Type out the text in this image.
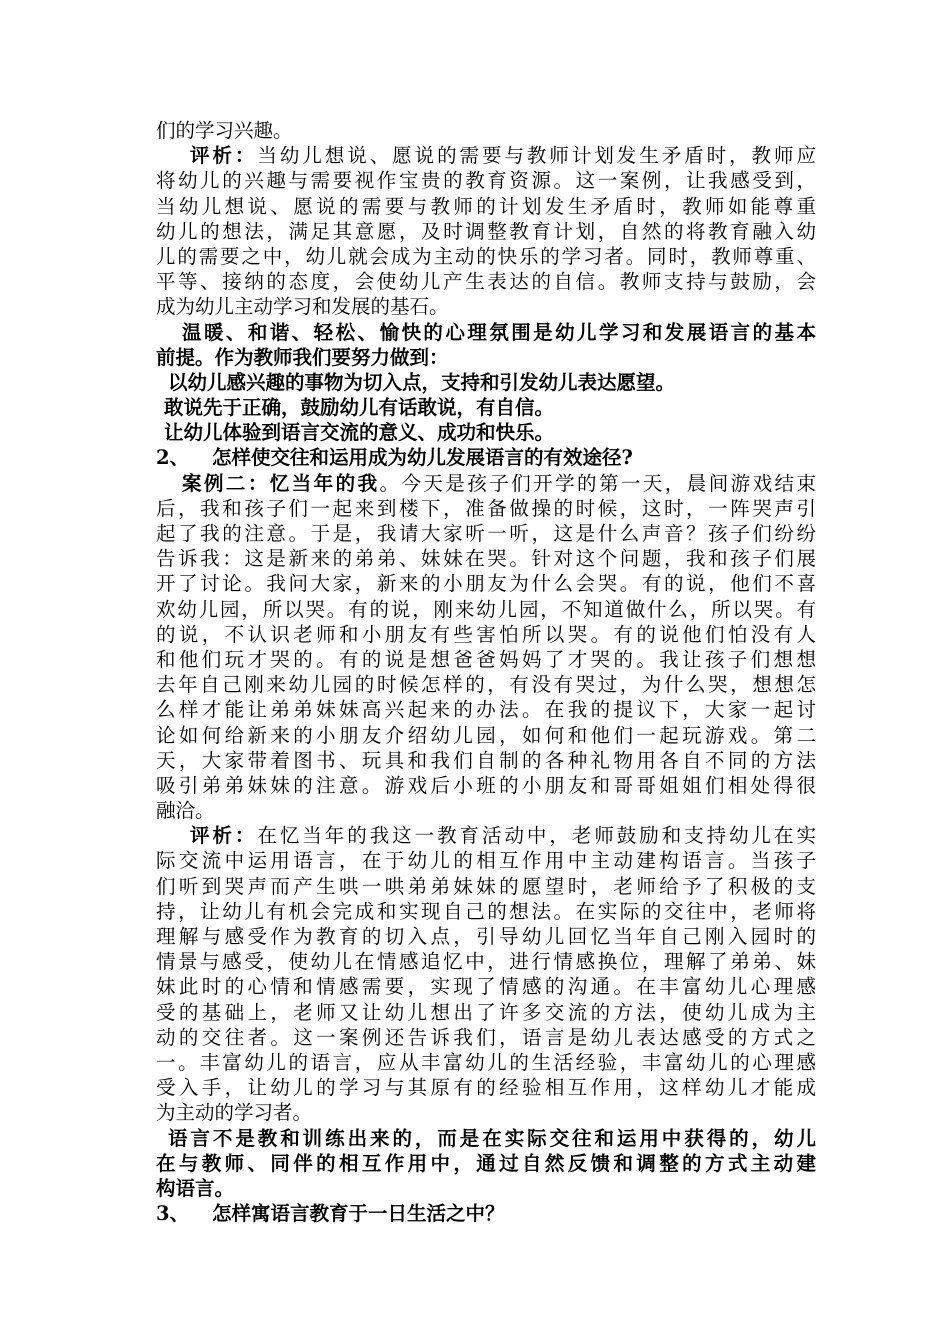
们的学习兴趣。
评析：当幼儿想说、愿说的需要与教师计划发生矛盾时，教师应
将幼儿的兴趣与需要视作宝贵的教育资源。这一案例，让我感受到，
当幼儿想说、愿说的需要与教师的计划发生矛盾时，教师如能尊重
幼儿的想法，满足其意愿，及时调整教育计划，自然的将教育融入幼
儿的需要之中，幼儿就会成为主动的快乐的学习者。同时，教师尊重、
平等、接纳的态度，会使幼儿产生表达的自信。教师支持与鼓励，会
成为幼儿主动学习和发展的基石。
温暖、和谐、轻松、愉快的心理氛围是幼儿学习和发展语言的基本
前提。作为教师我们要努力做到：
以幼儿感兴趣的事物为切入点，支持和引发幼儿表达愿望。
敢说先于正确，鼓励幼儿有话敢说，有自信。
让幼儿体验到语言交流的意义、成功和快乐。
2、 怎样使交往和运用成为幼儿发展语言的有效途径?
案例二：忆当年的我。今天是孩子们开学的第一天，晨间游戏结束
后，我和孩子们一起来到楼下，准备做操的时候，这时，一阵哭声引
起了我的注意。于是，我请大家听一听，这是什么声音？孩子们纷纷
告诉我：这是新来的弟弟、妹妹在哭。针对这个问题，我和孩子们展
开了讨论。我问大家，新来的小朋友为什么会哭。有的说，他们不喜
欢幼儿园，所以哭。有的说，刚来幼儿园，不知道做什么，所以哭。有
的说，不认识老师和小朋友有些害怕所以哭。有的说他们怕没有人
和他们玩才哭的。有的说是想爸爸妈妈了才哭的。我让孩子们想想
去年自己刚来幼儿园的时候怎样的，有没有哭过，为什么哭，想想怎
么样才能让弟弟妹妹高兴起来的办法。在我的提议下，大家一起讨
论如何给新来的小朋友介绍幼儿园，如何和他们一起玩游戏。第二
天，大家带着图书、玩具和我们自制的各种礼物用各自不同的方法
吸引弟弟妹妹的注意。游戏后小班的小朋友和哥哥姐姐们相处得很
融洽。
评析：在忆当年的我这一教育活动中，老师鼓励和支持幼儿在实
际交流中运用语言，在于幼儿的相互作用中主动建构语言。当孩子
们听到哭声而产生哄一哄弟弟妹妹的愿望时，老师给予了积极的支
持，让幼儿有机会完成和实现自己的想法。在实际的交往中，老师将
理解与感受作为教育的切入点，引导幼儿回忆当年自己刚入园时的
情景与感受，使幼儿在情感追忆中，进行情感换位，理解了弟弟、妹
妹此时的心情和情感需要，实现了情感的沟通。在丰富幼儿心理感
受的基础上，老师又让幼儿想出了许多交流的方法，使幼儿成为主
动的交往者。这一案例还告诉我们，语言是幼儿表达感受的方式之
一。丰富幼儿的语言，应从丰富幼儿的生活经验，丰富幼儿的心理感
受入手，让幼儿的学习与其原有的经验相互作用，这样幼儿才能成
为主动的学习者。
语言不是教和训练出来的，而是在实际交往和运用中获得的，幼儿
在与教师、同伴的相互作用中，通过自然反馈和调整的方式主动建
构语言。
3、 怎样寓语言教育于一日生活之中？
